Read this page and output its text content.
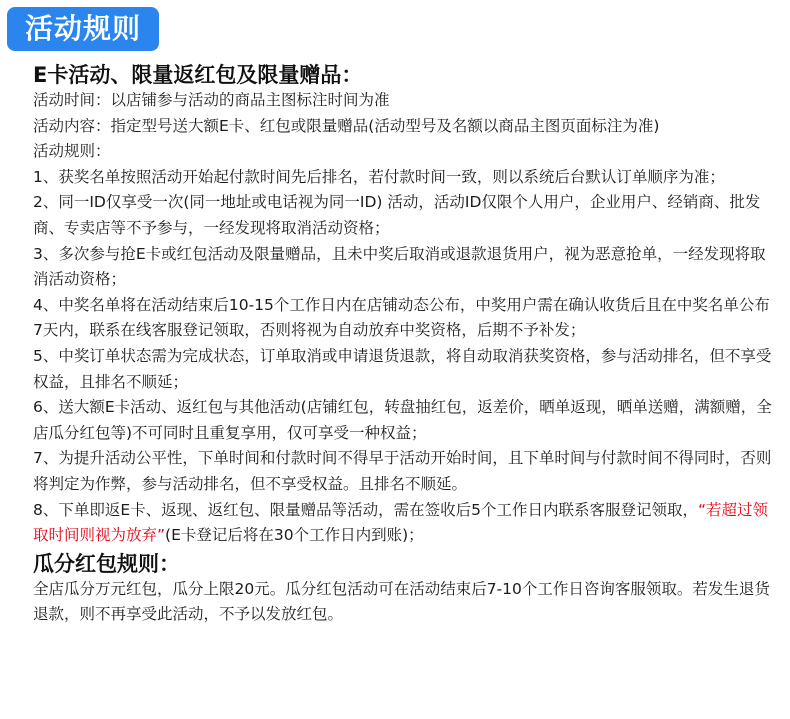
活动规则

E卡活动、限量返红包及限量赠品：

活动时间：以店铺参与活动的商品主图标注时间为准

活动内容：指定型号送大额E卡、红包或限量赠品(活动型号及名额以商品主图页面标注为准)

活动规则：

1、获奖名单按照活动开始起付款时间先后排名，若付款时间一致，则以系统后台默认订单顺序为准；

2、同一ID仅享受一次(同一地址或电话视为同一ID) 活动，活动ID仅限个人用户，企业用户、经销商、批发商、专卖店等不予参与，一经发现将取消活动资格；

3、多次参与抢E卡或红包活动及限量赠品，且未中奖后取消或退款退货用户，视为恶意抢单，一经发现将取消活动资格；

4、中奖名单将在活动结束后10-15个工作日内在店铺动态公布，中奖用户需在确认收货后且在中奖名单公布7天内，联系在线客服登记领取，否则将视为自动放弃中奖资格，后期不予补发；

5、中奖订单状态需为完成状态，订单取消或申请退货退款，将自动取消获奖资格，参与活动排名，但不享受权益，且排名不顺延；

6、送大额E卡活动、返红包与其他活动(店铺红包，转盘抽红包，返差价，晒单返现，晒单送赠，满额赠，全店瓜分红包等)不可同时且重复享用，仅可享受一种权益；

7、为提升活动公平性，下单时间和付款时间不得早于活动开始时间，且下单时间与付款时间不得同时，否则将判定为作弊，参与活动排名，但不享受权益。且排名不顺延。

8、下单即返E卡、返现、返红包、限量赠品等活动，需在签收后5个工作日内联系客服登记领取，“若超过领取时间则视为放弃”(E卡登记后将在30个工作日内到账)；

瓜分红包规则：

全店瓜分万元红包，瓜分上限20元。瓜分红包活动可在活动结束后7-10个工作日咨询客服领取。若发生退货退款，则不再享受此活动，不予以发放红包。
